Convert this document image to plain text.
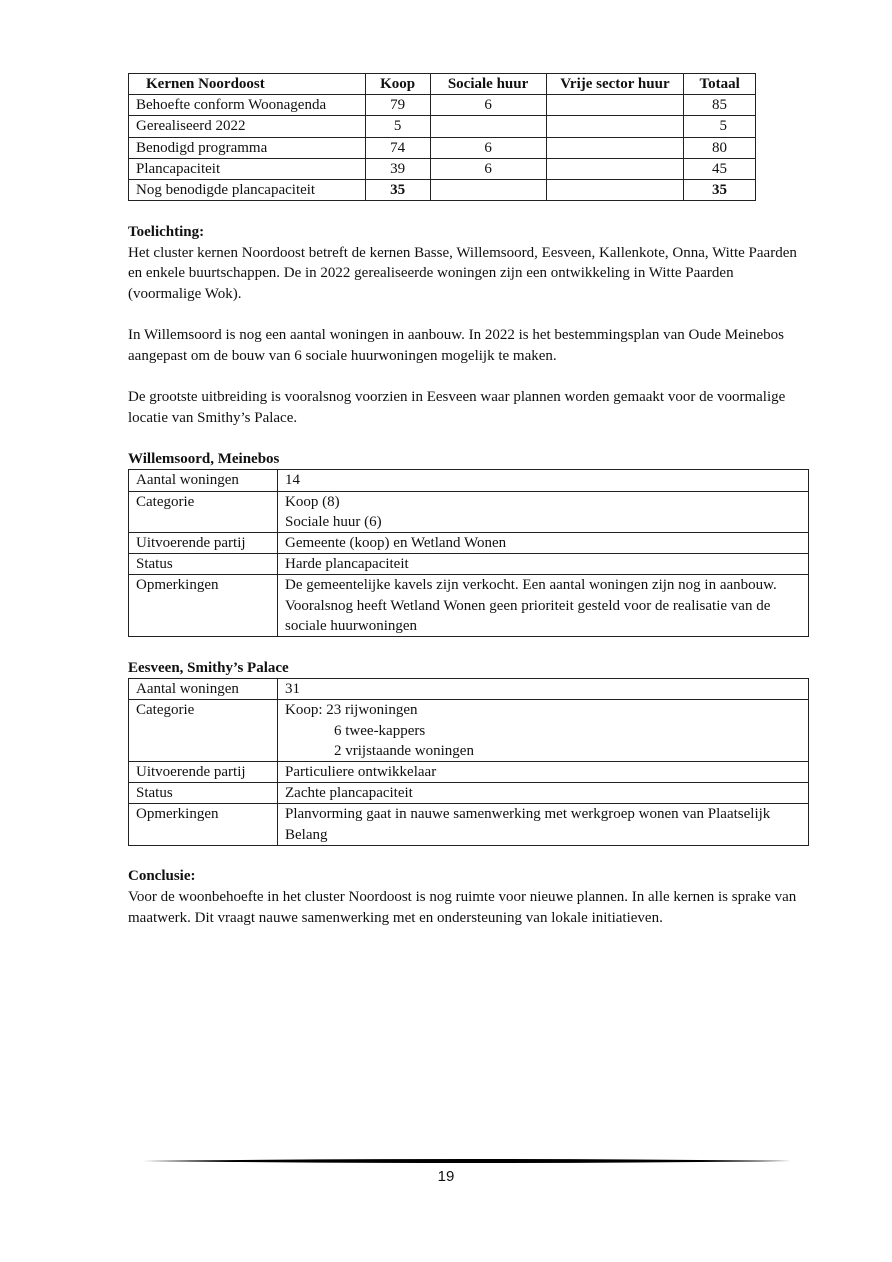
Kernen Noordoost	Koop	Sociale huur	Vrije sector huur	Totaal
Behoefte conform Woonagenda	79	6		85
Gerealiseerd 2022	5			5
Benodigd programma	74	6		80
Plancapaciteit	39	6		45
Nog benodigde plancapaciteit	35			35
Toelichting:

Het cluster kernen Noordoost betreft de kernen Basse, Willemsoord, Eesveen, Kallenkote, Onna, Witte Paarden en enkele buurtschappen. De in 2022 gerealiseerde woningen zijn een ontwikkeling in Witte Paarden (voormalige Wok).

In Willemsoord is nog een aantal woningen in aanbouw. In 2022 is het bestemmingsplan van Oude Meinebos aangepast om de bouw van 6 sociale huurwoningen mogelijk te maken.

De grootste uitbreiding is vooralsnog voorzien in Eesveen waar plannen worden gemaakt voor de voormalige locatie van Smithy’s Palace.

Willemsoord, Meinebos
Aantal woningen	14
Categorie	Koop (8)
Sociale huur (6)

Uitvoerende partij	Gemeente (koop) en Wetland Wonen
Status	Harde plancapaciteit
Opmerkingen	De gemeentelijke kavels zijn verkocht. Een aantal woningen zijn nog in aanbouw. Vooralsnog heeft Wetland Wonen geen prioriteit gesteld voor de realisatie van de sociale huurwoningen
Eesveen, Smithy’s Palace
Aantal woningen	31
Categorie	Koop: 23 rijwoningen
6 twee-kappers
2 vrijstaande woningen

Uitvoerende partij	Particuliere ontwikkelaar
Status	Zachte plancapaciteit
Opmerkingen	Planvorming gaat in nauwe samenwerking met werkgroep wonen van Plaatselijk Belang
Conclusie:

Voor de woonbehoefte in het cluster Noordoost is nog ruimte voor nieuwe plannen. In alle kernen is sprake van maatwerk. Dit vraagt nauwe samenwerking met en ondersteuning van lokale initiatieven.

19
